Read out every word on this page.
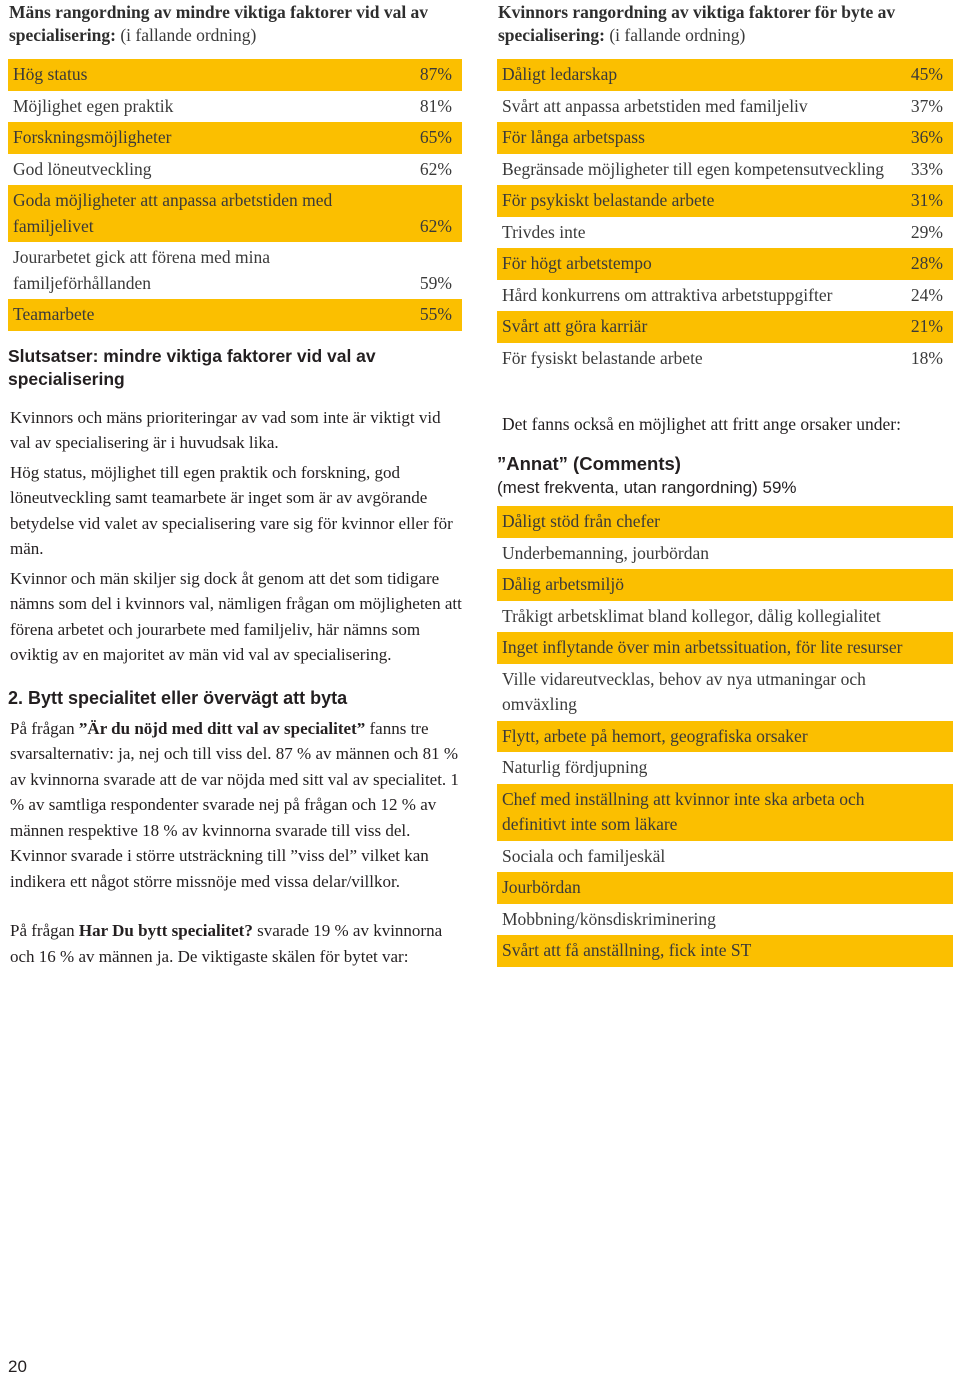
Mäns rangordning av mindre viktiga faktorer vid val av specialisering: (i fallande ordning)
Hög status	87%
Möjlighet egen praktik	81%
Forskningsmöjligheter	65%
God löneutveckling	62%
Goda möjligheter att anpassa arbetstiden med familjelivet	62%
Jourarbetet gick att förena med mina familjeförhållanden	59%
Teamarbete	55%
Slutsatser: mindre viktiga faktorer vid val av specialisering

Kvinnors och mäns prioriteringar av vad som inte är viktigt vid val av specialisering är i huvudsak lika.

Hög status, möjlighet till egen praktik och forskning, god löneutveckling samt teamarbete är inget som är av avgörande betydelse vid valet av specialisering vare sig för kvinnor eller för män.

Kvinnor och män skiljer sig dock åt genom att det som tidigare nämns som del i kvinnors val, nämligen frågan om möjligheten att förena arbetet och jourarbete med familjeliv, här nämns som oviktig av en majoritet av män vid val av specialisering.

2. Bytt specialitet eller övervägt att byta

På frågan ”Är du nöjd med ditt val av specialitet” fanns tre svarsalternativ: ja, nej och till viss del. 87 % av männen och 81 % av kvinnorna svarade att de var nöjda med sitt val av specialitet. 1 % av samtliga respondenter svarade nej på frågan och 12 % av männen respektive 18 % av kvinnorna svarade till viss del. Kvinnor svarade i större utsträckning till ”viss del” vilket kan indikera ett något större missnöje med vissa delar/villkor.

På frågan Har Du bytt specialitet? svarade 19 % av kvinnorna och 16 % av männen ja. De viktigaste skälen för bytet var:

Kvinnors rangordning av viktiga faktorer för byte av specialisering: (i fallande ordning)
Dåligt ledarskap	45%
Svårt att anpassa arbetstiden med familjeliv	37%
För långa arbetspass	36%
Begränsade möjligheter till egen kompetensutveckling	33%
För psykiskt belastande arbete	31%
Trivdes inte	29%
För högt arbetstempo	28%
Hård konkurrens om attraktiva arbetstuppgifter	24%
Svårt att göra karriär	21%
För fysiskt belastande arbete	18%

Det fanns också en möjlighet att fritt ange orsaker under:

”Annat” (Comments)

(mest frekventa, utan rangordning) 59%

Dåligt stöd från chefer
Underbemanning, jourbördan
Dålig arbetsmiljö
Tråkigt arbetsklimat bland kollegor, dålig kollegialitet
Inget inflytande över min arbetssituation, för lite resurser
Ville vidareutvecklas, behov av nya utmaningar och omväxling
Flytt, arbete på hemort, geografiska orsaker
Naturlig fördjupning
Chef med inställning att kvinnor inte ska arbeta och definitivt inte som läkare
Sociala och familjeskäl
Jourbördan
Mobbning/könsdiskriminering
Svårt att få anställning, fick inte ST
20
